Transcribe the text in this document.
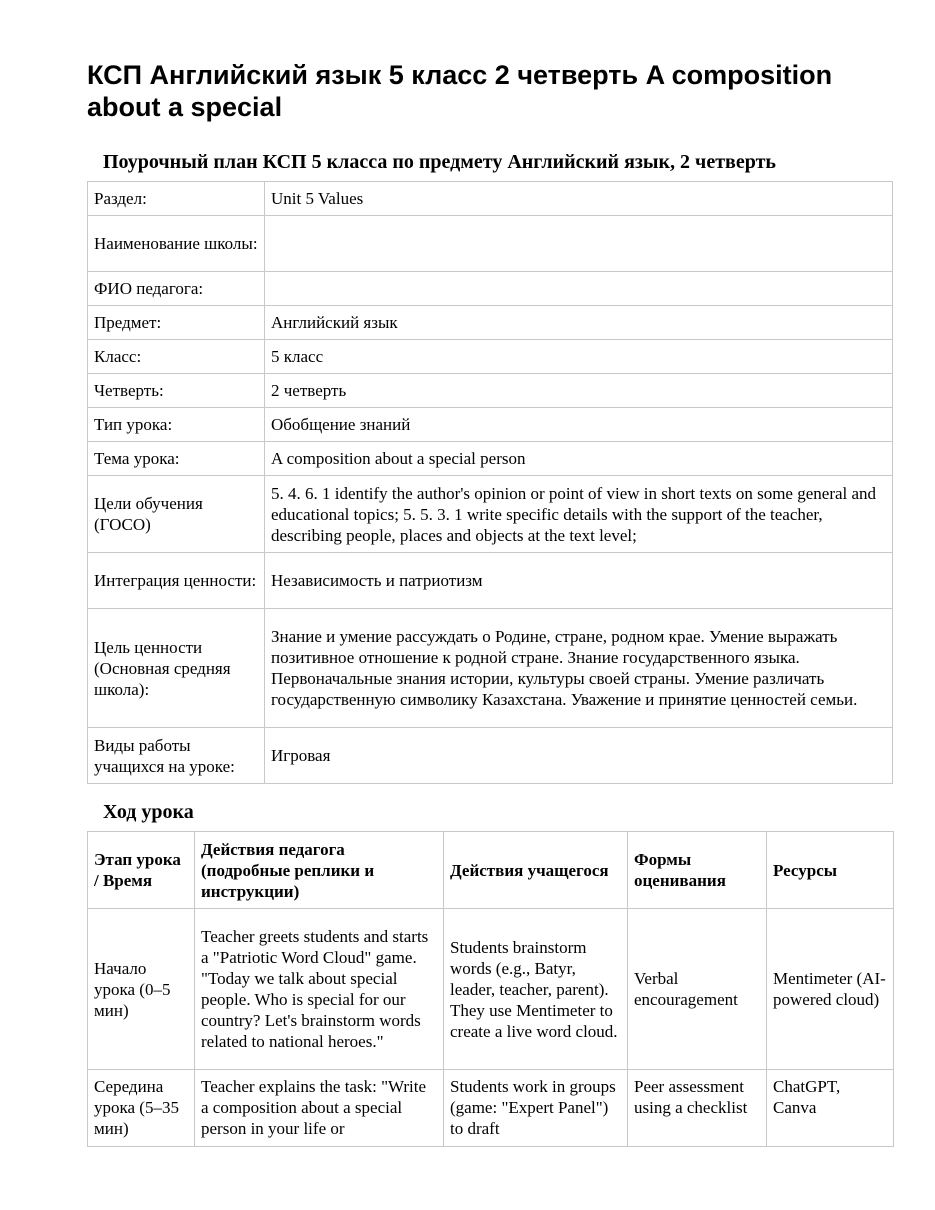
КСП Английский язык 5 класс 2 четверть A composition about a special
Поурочный план КСП 5 класса по предмету Английский язык, 2 четверть
Раздел:	Unit 5 Values
Наименование школы:	
ФИО педагога:	
Предмет:	Английский язык
Класс:	5 класс
Четверть:	2 четверть
Тип урока:	Обобщение знаний
Тема урока:	A composition about a special person
Цели обучения (ГОСО)	5. 4. 6. 1 identify the author's opinion or point of view in short texts on some general and educational topics; 5. 5. 3. 1 write specific details with the support of the teacher, describing people, places and objects at the text level;
Интеграция ценности:	Независимость и патриотизм
Цель ценности (Основная средняя школа):	Знание и умение рассуждать о Родине, стране, родном крае. Умение выражать позитивное отношение к родной стране. Знание государственного языка. Первоначальные знания истории, культуры своей страны. Умение различать государственную символику Казахстана. Уважение и принятие ценностей семьи.
Виды работы учащихся на уроке:	Игровая
Ход урока
Этап урока / Время	Действия педагога (подробные реплики и инструкции)	Действия учащегося	Формы оценивания	Ресурсы
Начало урока (0–5 мин)	Teacher greets students and starts a "Patriotic Word Cloud" game. "Today we talk about special people. Who is special for our country? Let's brainstorm words related to national heroes."	Students brainstorm words (e.g., Batyr, leader, teacher, parent). They use Mentimeter to create a live word cloud.	Verbal encouragement	Mentimeter (AI-powered cloud)
Середина урока (5–35 мин)	Teacher explains the task: "Write a composition about a special person in your life or	Students work in groups (game: "Expert Panel") to draft	Peer assessment using a checklist	ChatGPT, Canva
